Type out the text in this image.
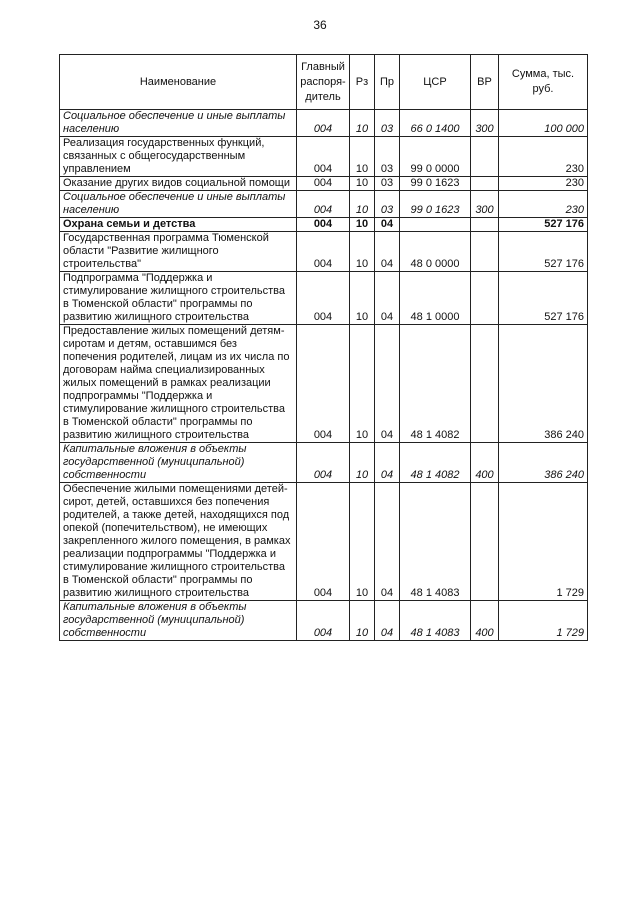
36
Наименование	Главный распоря-дитель	Рз	Пр	ЦСР	ВР	Сумма, тыс. руб.
Социальное обеспечение и иные выплаты населению	004	10	03	66 0 1400	300	100 000
Реализация государственных функций, связанных с общегосударственным управлением	004	10	03	99 0 0000		230
Оказание других видов социальной помощи	004	10	03	99 0 1623		230
Социальное обеспечение и иные выплаты населению	004	10	03	99 0 1623	300	230
Охрана семьи и детства	004	10	04			527 176
Государственная программа Тюменской области "Развитие жилищного строительства"	004	10	04	48 0 0000		527 176
Подпрограмма "Поддержка и стимулирование жилищного строительства в Тюменской области" программы по развитию жилищного строительства	004	10	04	48 1 0000		527 176
Предоставление жилых помещений детям-сиротам и детям, оставшимся без попечения родителей, лицам из их числа по договорам найма специализированных жилых помещений в рамках реализации подпрограммы "Поддержка и стимулирование жилищного строительства в Тюменской области" программы по развитию жилищного строительства	004	10	04	48 1 4082		386 240
Капитальные вложения в объекты государственной (муниципальной) собственности	004	10	04	48 1 4082	400	386 240
Обеспечение жилыми помещениями детей-сирот, детей, оставшихся без попечения родителей, а также детей, находящихся под опекой (попечительством), не имеющих закрепленного жилого помещения, в рамках реализации подпрограммы "Поддержка и стимулирование жилищного строительства в Тюменской области" программы по развитию жилищного строительства	004	10	04	48 1 4083		1 729
Капитальные вложения в объекты государственной (муниципальной) собственности	004	10	04	48 1 4083	400	1 729
